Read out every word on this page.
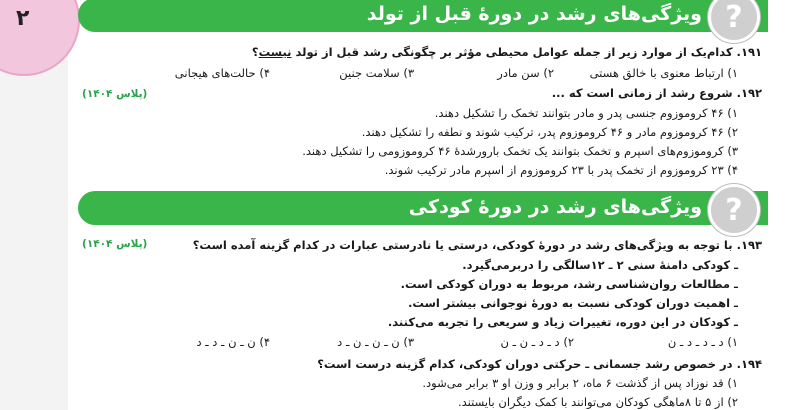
۲	ویژگی‌های رشد در دورهٔ قبل از تولد ?
۱۹۱. کدام‌یک از موارد زیر از جمله عوامل محیطی مؤثر بر چگونگی رشد قبل از تولد نیست؟
۱) ارتباط معنوی با خالق هستی
۲) سن مادر
۳) سلامت جنین
۴) حالت‌های هیجانی
۱۹۲. شروع رشد از زمانی است که ...
(پلاس ۱۴۰۴)
۱) ۴۶ کروموزوم جنسی پدر و مادر بتوانند تخمک را تشکیل دهند.
۲) ۴۶ کروموزوم مادر و ۴۶ کروموزوم پدر، ترکیب شوند و نطفه را تشکیل دهند.
۳) کروموزوم‌های اسپرم و تخمک بتوانند یک تخمک بارورشدهٔ ۴۶ کروموزومی را تشکیل دهند.
۴) ۲۳ کروموزوم از تخمک پدر با ۲۳ کروموزوم از اسپرم مادر ترکیب شوند.
ویژگی‌های رشد در دورهٔ کودکی ?
(پلاس ۱۴۰۴)	۱۹۳. با توجه به ویژگی‌های رشد در دورهٔ کودکی، درستی یا نادرستی عبارات در کدام گزینه آمده است؟
ـ کودکی دامنهٔ سنی ۲ ـ ۱۲سالگی را دربرمی‌گیرد.
ـ مطالعات روان‌شناسی رشد، مربوط به دوران کودکی است.
ـ اهمیت دوران کودکی نسبت به دورهٔ نوجوانی بیشتر است.
ـ کودکان در این دوره، تغییرات زیاد و سریعی را تجربه می‌کنند.
۱) د ـ د ـ د ـ ن
۲) د ـ د ـ ن ـ ن
۳) ن ـ ن ـ ن ـ د
۴) ن ـ ن ـ د ـ د
۱۹۴. در خصوص رشد جسمانی ـ حرکتی دوران کودکی، کدام گزینه درست است؟
۱) قد نوزاد پس از گذشت ۶ ماه، ۲ برابر و وزن او ۳ برابر می‌شود.
۲) از ۵ تا ۸ماهگی کودکان می‌توانند با کمک دیگران بایستند.
